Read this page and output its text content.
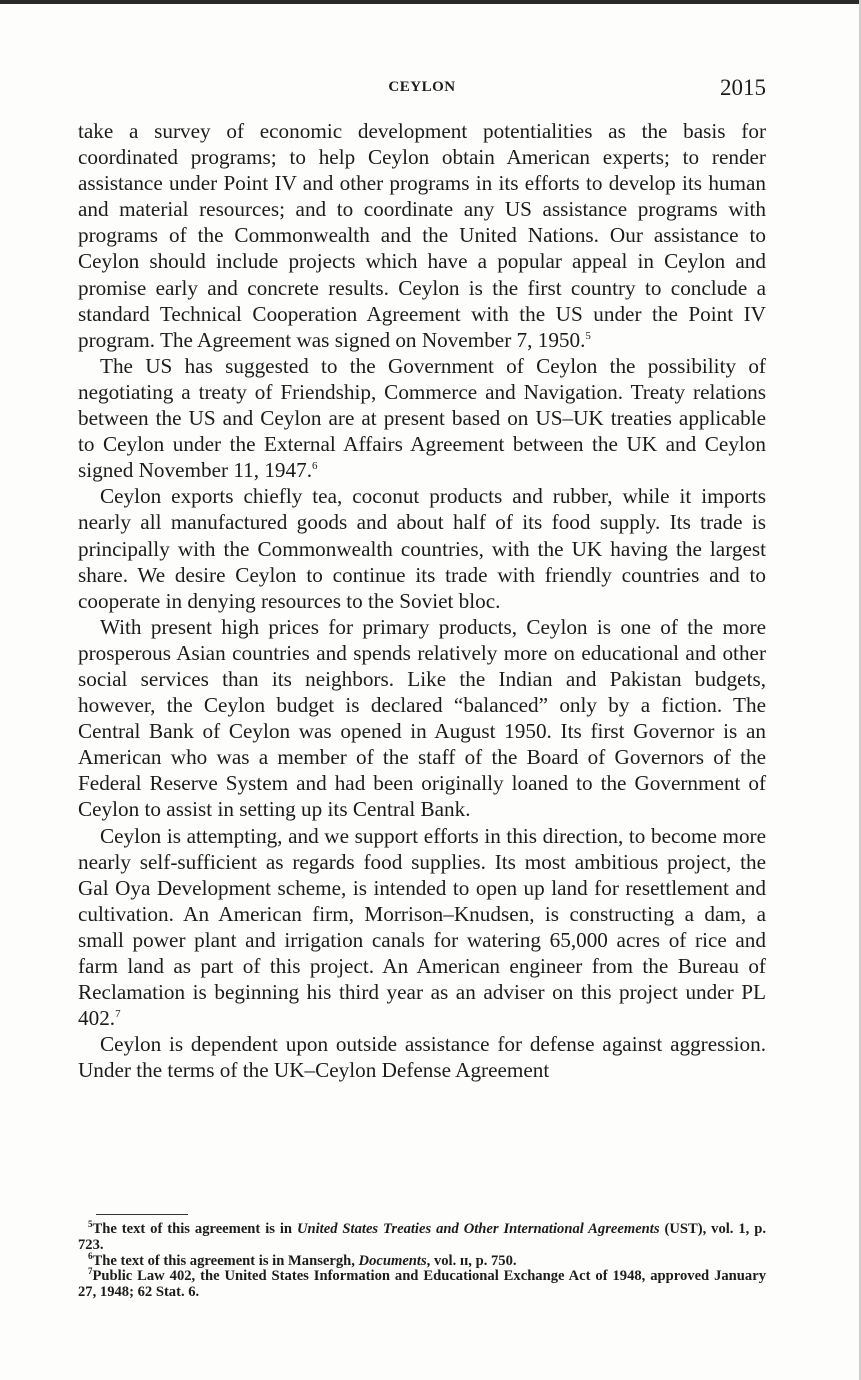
CEYLON	2015

take a survey of economic development potentialities as the basis for coordinated programs; to help Ceylon obtain American experts; to render assistance under Point IV and other programs in its efforts to develop its human and material resources; and to coordinate any US assistance programs with programs of the Commonwealth and the United Nations. Our assistance to Ceylon should include projects which have a popular appeal in Ceylon and promise early and concrete results. Ceylon is the first country to conclude a standard Technical Cooperation Agreement with the US under the Point IV program. The Agreement was signed on November 7, 1950.$^5$

The US has suggested to the Government of Ceylon the possibility of negotiating a treaty of Friendship, Commerce and Navigation. Treaty relations between the US and Ceylon are at present based on US–UK treaties applicable to Ceylon under the External Affairs Agreement between the UK and Ceylon signed November 11, 1947.$^6$

Ceylon exports chiefly tea, coconut products and rubber, while it imports nearly all manufactured goods and about half of its food supply. Its trade is principally with the Commonwealth countries, with the UK having the largest share. We desire Ceylon to continue its trade with friendly countries and to cooperate in denying resources to the Soviet bloc.

With present high prices for primary products, Ceylon is one of the more prosperous Asian countries and spends relatively more on educational and other social services than its neighbors. Like the Indian and Pakistan budgets, however, the Ceylon budget is declared “balanced” only by a fiction. The Central Bank of Ceylon was opened in August 1950. Its first Governor is an American who was a member of the staff of the Board of Governors of the Federal Reserve System and had been originally loaned to the Government of Ceylon to assist in setting up its Central Bank.

Ceylon is attempting, and we support efforts in this direction, to become more nearly self-sufficient as regards food supplies. Its most ambitious project, the Gal Oya Development scheme, is intended to open up land for resettlement and cultivation. An American firm, Morrison–Knudsen, is constructing a dam, a small power plant and irrigation canals for watering 65,000 acres of rice and farm land as part of this project. An American engineer from the Bureau of Reclamation is beginning his third year as an adviser on this project under PL 402.$^7$

Ceylon is dependent upon outside assistance for defense against aggression. Under the terms of the UK–Ceylon Defense Agreement

$^5$The text of this agreement is in United States Treaties and Other International Agreements (UST), vol. 1, p. 723.

$^6$The text of this agreement is in Mansergh, Documents, vol. ɪɪ, p. 750.

$^7$Public Law 402, the United States Information and Educational Exchange Act of 1948, approved January 27, 1948; 62 Stat. 6.
